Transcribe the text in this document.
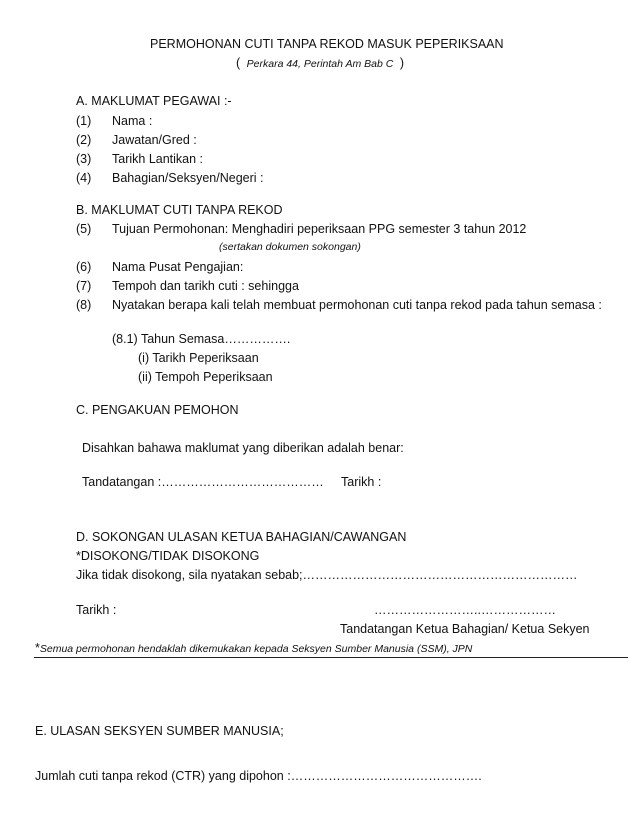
PERMOHONAN CUTI TANPA REKOD MASUK PEPERIKSAAN
( Perkara 44, Perintah Am Bab C )
A. MAKLUMAT PEGAWAI :-
(1) Nama :
(2) Jawatan/Gred :
(3) Tarikh Lantikan :
(4) Bahagian/Seksyen/Negeri :
B. MAKLUMAT CUTI TANPA REKOD
(5) Tujuan Permohonan: Menghadiri peperiksaan PPG semester 3 tahun 2012
(sertakan dokumen sokongan)
(6) Nama Pusat Pengajian:
(7) Tempoh dan tarikh cuti : sehingga
(8) Nyatakan berapa kali telah membuat permohonan cuti tanpa rekod pada tahun semasa :
(8.1) Tahun Semasa…………….
(i) Tarikh Peperiksaan
(ii) Tempoh Peperiksaan
C. PENGAKUAN PEMOHON
Disahkan bahawa maklumat yang diberikan adalah benar:
Tandatangan :………………………………… Tarikh :
D. SOKONGAN ULASAN KETUA BAHAGIAN/CAWANGAN
*DISOKONG/TIDAK DISOKONG
Jika tidak disokong, sila nyatakan sebab;…………………………………………………………
Tarikh :	……………………..………………
Tandatangan Ketua Bahagian/ Ketua Sekyen
*Semua permohonan hendaklah dikemukakan kepada Seksyen Sumber Manusia (SSM), JPN
E. ULASAN SEKSYEN SUMBER MANUSIA;
Jumlah cuti tanpa rekod (CTR) yang dipohon :……………………………………….
